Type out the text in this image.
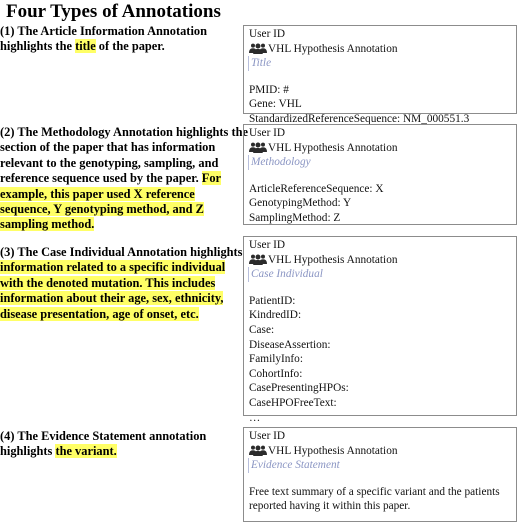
Four Types of Annotations
(1) The Article Information Annotation
highlights the title of the paper.
(2) The Methodology Annotation highlights the
section of the paper that has information
relevant to the genotyping, sampling, and
reference sequence used by the paper. For
example, this paper used X reference
sequence, Y genotyping method, and Z
sampling method.
(3) The Case Individual Annotation highlights
information related to a specific individual
with the denoted mutation. This includes
information about their age, sex, ethnicity,
disease presentation, age of onset, etc.
(4) The Evidence Statement annotation
highlights the variant.
User ID
VHL Hypothesis Annotation
Title
PMID: #
Gene: VHL
StandardizedReferenceSequence: NM_000551.3
User ID
VHL Hypothesis Annotation
Methodology
ArticleReferenceSequence: X
GenotypingMethod: Y
SamplingMethod: Z
User ID
VHL Hypothesis Annotation
Case Individual
PatientID:
KindredID:
Case:
DiseaseAssertion:
FamilyInfo:
CohortInfo:
CasePresentingHPOs:
CaseHPOFreeText:
…
User ID
VHL Hypothesis Annotation
Evidence Statement
Free text summary of a specific variant and the patients
reported having it within this paper.
